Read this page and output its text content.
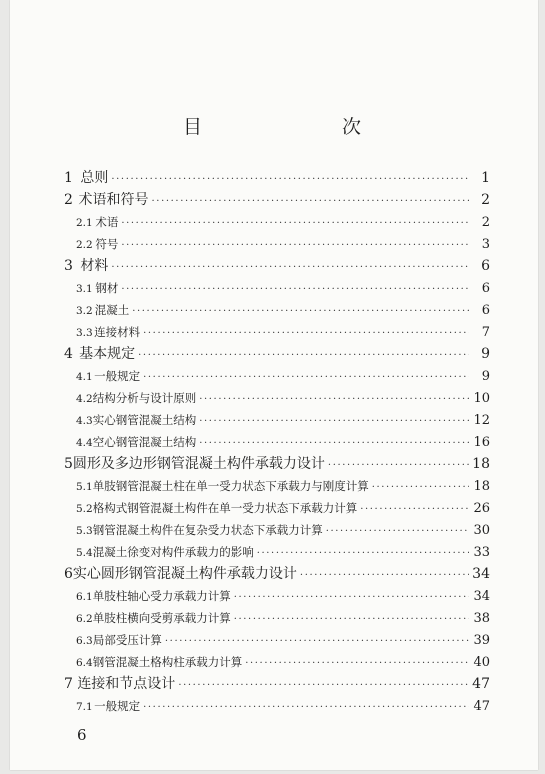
目　　次
1 总则 ·····	1
2 术语和符号 ·····	2
2.1 术语 ·····	2
2.2 符号 ·····	3
3 材料 ·····	6
3.1 钢材 ·····	6
3.2 混凝土 ·····	6
3.3 连接材料 ·····	7
4 基本规定 ·····	9
4.1 一般规定 ·····	9
4.2 结构分析与设计原则 ·····	10
4.3 实心钢管混凝土结构 ·····	12
4.4 空心钢管混凝土结构 ·····	16
5 圆形及多边形钢管混凝土构件承载力设计 ·····	18
5.1 单肢钢管混凝土柱在单一受力状态下承载力与刚度计算 ·····	18
5.2 格构式钢管混凝土构件在单一受力状态下承载力计算 ·····	26
5.3 钢管混凝土构件在复杂受力状态下承载力计算 ·····	30
5.4 混凝土徐变对构件承载力的影响 ·····	33
6 实心圆形钢管混凝土构件承载力设计 ·····	34
6.1 单肢柱轴心受力承载力计算 ·····	34
6.2 单肢柱横向受剪承载力计算 ·····	38
6.3 局部受压计算 ·····	39
6.4 钢管混凝土格构柱承载力计算 ·····	40
7 连接和节点设计 ·····	47
7.1 一般规定 ·····	47
6
